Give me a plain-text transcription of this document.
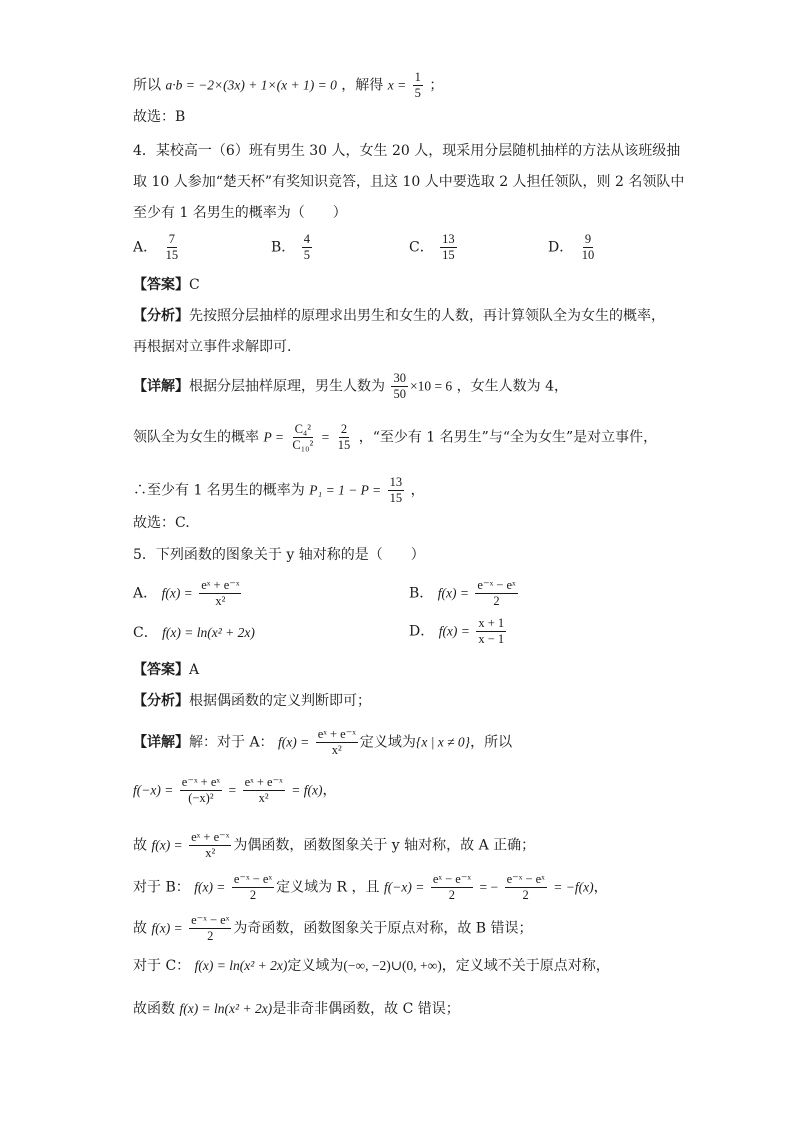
所以 a·b = −2×(3x) + 1×(x + 1) = 0 ，解得 $x = \frac{1}{5}$ ；
故选：B
4．某校高一（6）班有男生 30 人，女生 20 人，现采用分层随机抽样的方法从该班级抽
取 10 人参加“楚天杯”有奖知识竞答，且这 10 人中要选取 2 人担任领队，则 2 名领队中
至少有 1 名男生的概率为（　　）
A． $\frac{7}{15}$	B． $\frac{4}{5}$	C． $\frac{13}{15}$	D． $\frac{9}{10}$
【答案】C
【分析】先按照分层抽样的原理求出男生和女生的人数，再计算领队全为女生的概率，
再根据对立事件求解即可.
【详解】根据分层抽样原理，男生人数为 $\frac{30}{50} \times 10 = 6$ ，女生人数为 4，
领队全为女生的概率 $P = \frac{\text{C₄²}}{\text{C₁₀²}} = \frac{2}{15}$ ，“至少有 1 名男生”与“全为女生”是对立事件，
∴至少有 1 名男生的概率为 $P_1 = 1 - P = \frac{13}{15}$ ，
故选：C.
5．下列函数的图象关于 y 轴对称的是（　　）
A． $f(x) = \frac{\text{eˣ + e⁻ˣ}}{\text{x²}}$	B． $f(x) = \frac{\text{e⁻ˣ − eˣ}}{2}$
C． f(x) = ln(x² + 2x)	D． $f(x) = \frac{x + 1}{x - 1}$
【答案】A
【分析】根据偶函数的定义判断即可；
【详解】解：对于 A： $f(x) = \frac{\text{eˣ + e⁻ˣ}}{\text{x²}}$ 定义域为{x | x ≠ 0}，所以
$f(-x) = \frac{\text{e⁻ˣ + eˣ}}{\text{(−x)²}} = \frac{\text{eˣ + e⁻ˣ}}{\text{x²}} = f(x)$，
故 $f(x) = \frac{\text{eˣ + e⁻ˣ}}{\text{x²}}$ 为偶函数，函数图象关于 y 轴对称，故 A 正确；
对于 B： $f(x) = \frac{\text{e⁻ˣ − eˣ}}{2}$ 定义域为 R ，且 $f(-x) = \frac{\text{eˣ − e⁻ˣ}}{2}$ = − $\frac{\text{e⁻ˣ − eˣ}}{2} = -f(x)$，
故 $f(x) = \frac{\text{e⁻ˣ − eˣ}}{2}$ 为奇函数，函数图象关于原点对称，故 B 错误；
对于 C： f(x) = ln(x² + 2x)定义域为(−∞, −2)∪(0, +∞)，定义域不关于原点对称，
故函数 f(x) = ln(x² + 2x)是非奇非偶函数，故 C 错误；
